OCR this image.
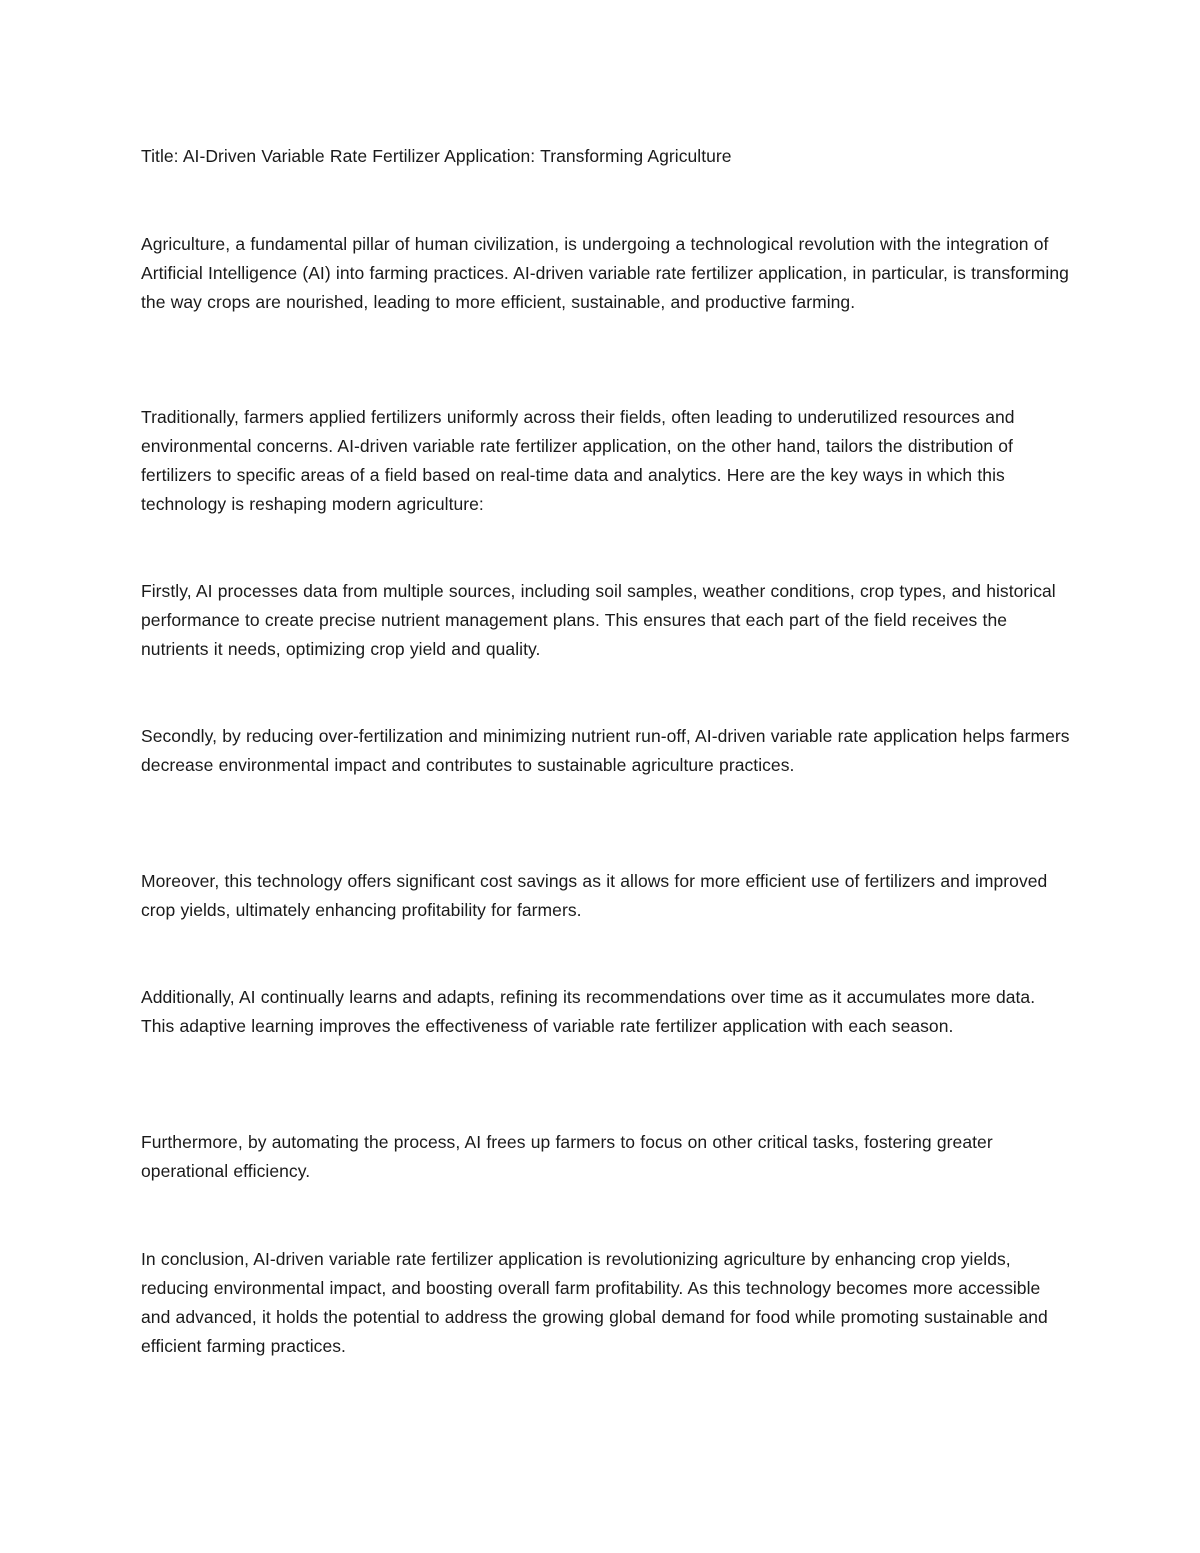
Title: AI-Driven Variable Rate Fertilizer Application: Transforming Agriculture

Agriculture, a fundamental pillar of human civilization, is undergoing a technological revolution with the integration of Artificial Intelligence (AI) into farming practices. AI-driven variable rate fertilizer application, in particular, is transforming the way crops are nourished, leading to more efficient, sustainable, and productive farming.

Traditionally, farmers applied fertilizers uniformly across their fields, often leading to underutilized resources and environmental concerns. AI-driven variable rate fertilizer application, on the other hand, tailors the distribution of fertilizers to specific areas of a field based on real-time data and analytics. Here are the key ways in which this technology is reshaping modern agriculture:

Firstly, AI processes data from multiple sources, including soil samples, weather conditions, crop types, and historical performance to create precise nutrient management plans. This ensures that each part of the field receives the nutrients it needs, optimizing crop yield and quality.

Secondly, by reducing over-fertilization and minimizing nutrient run-off, AI-driven variable rate application helps farmers decrease environmental impact and contributes to sustainable agriculture practices.

Moreover, this technology offers significant cost savings as it allows for more efficient use of fertilizers and improved crop yields, ultimately enhancing profitability for farmers.

Additionally, AI continually learns and adapts, refining its recommendations over time as it accumulates more data. This adaptive learning improves the effectiveness of variable rate fertilizer application with each season.

Furthermore, by automating the process, AI frees up farmers to focus on other critical tasks, fostering greater operational efficiency.

In conclusion, AI-driven variable rate fertilizer application is revolutionizing agriculture by enhancing crop yields, reducing environmental impact, and boosting overall farm profitability. As this technology becomes more accessible and advanced, it holds the potential to address the growing global demand for food while promoting sustainable and efficient farming practices.
